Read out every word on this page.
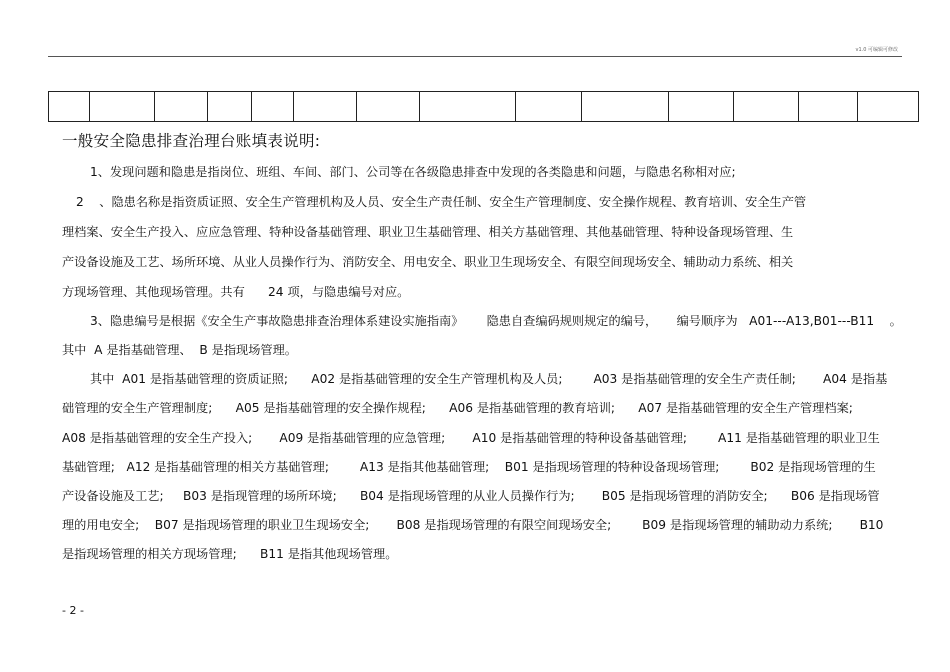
v1.0 可编辑可修改

一般安全隐患排查治理台账填表说明:
1、发现问题和隐患是指岗位、班组、车间、部门、公司等在各级隐患排查中发现的各类隐患和问题，与隐患名称相对应;
2    、隐患名称是指资质证照、安全生产管理机构及人员、安全生产责任制、安全生产管理制度、安全操作规程、教育培训、安全生产管
理档案、安全生产投入、应应急管理、特种设备基础管理、职业卫生基础管理、相关方基础管理、其他基础管理、特种设备现场管理、生
产设备设施及工艺、场所环境、从业人员操作行为、消防安全、用电安全、职业卫生现场安全、有限空间现场安全、辅助动力系统、相关
方现场管理、其他现场管理。共有      24 项，与隐患编号对应。
3、隐患编号是根据《安全生产事故隐患排查治理体系建设实施指南》      隐患自查编码规则规定的编号，     编号顺序为   A01---A13,B01---B11    。
其中  A 是指基础管理、  B 是指现场管理。
其中  A01 是指基础管理的资质证照;      A02 是指基础管理的安全生产管理机构及人员;        A03 是指基础管理的安全生产责任制;       A04 是指基
础管理的安全生产管理制度;      A05 是指基础管理的安全操作规程;      A06 是指基础管理的教育培训;      A07 是指基础管理的安全生产管理档案;
A08 是指基础管理的安全生产投入;       A09 是指基础管理的应急管理;       A10 是指基础管理的特种设备基础管理;        A11 是指基础管理的职业卫生
基础管理;   A12 是指基础管理的相关方基础管理;        A13 是指其他基础管理;    B01 是指现场管理的特种设备现场管理;        B02 是指现场管理的生
产设备设施及工艺;     B03 是指现管理的场所环境;      B04 是指现场管理的从业人员操作行为;       B05 是指现场管理的消防安全;      B06 是指现场管
理的用电安全;    B07 是指现场管理的职业卫生现场安全;       B08 是指现场管理的有限空间现场安全;        B09 是指现场管理的辅助动力系统;       B10
是指现场管理的相关方现场管理;      B11 是指其他现场管理。
- 2 -
